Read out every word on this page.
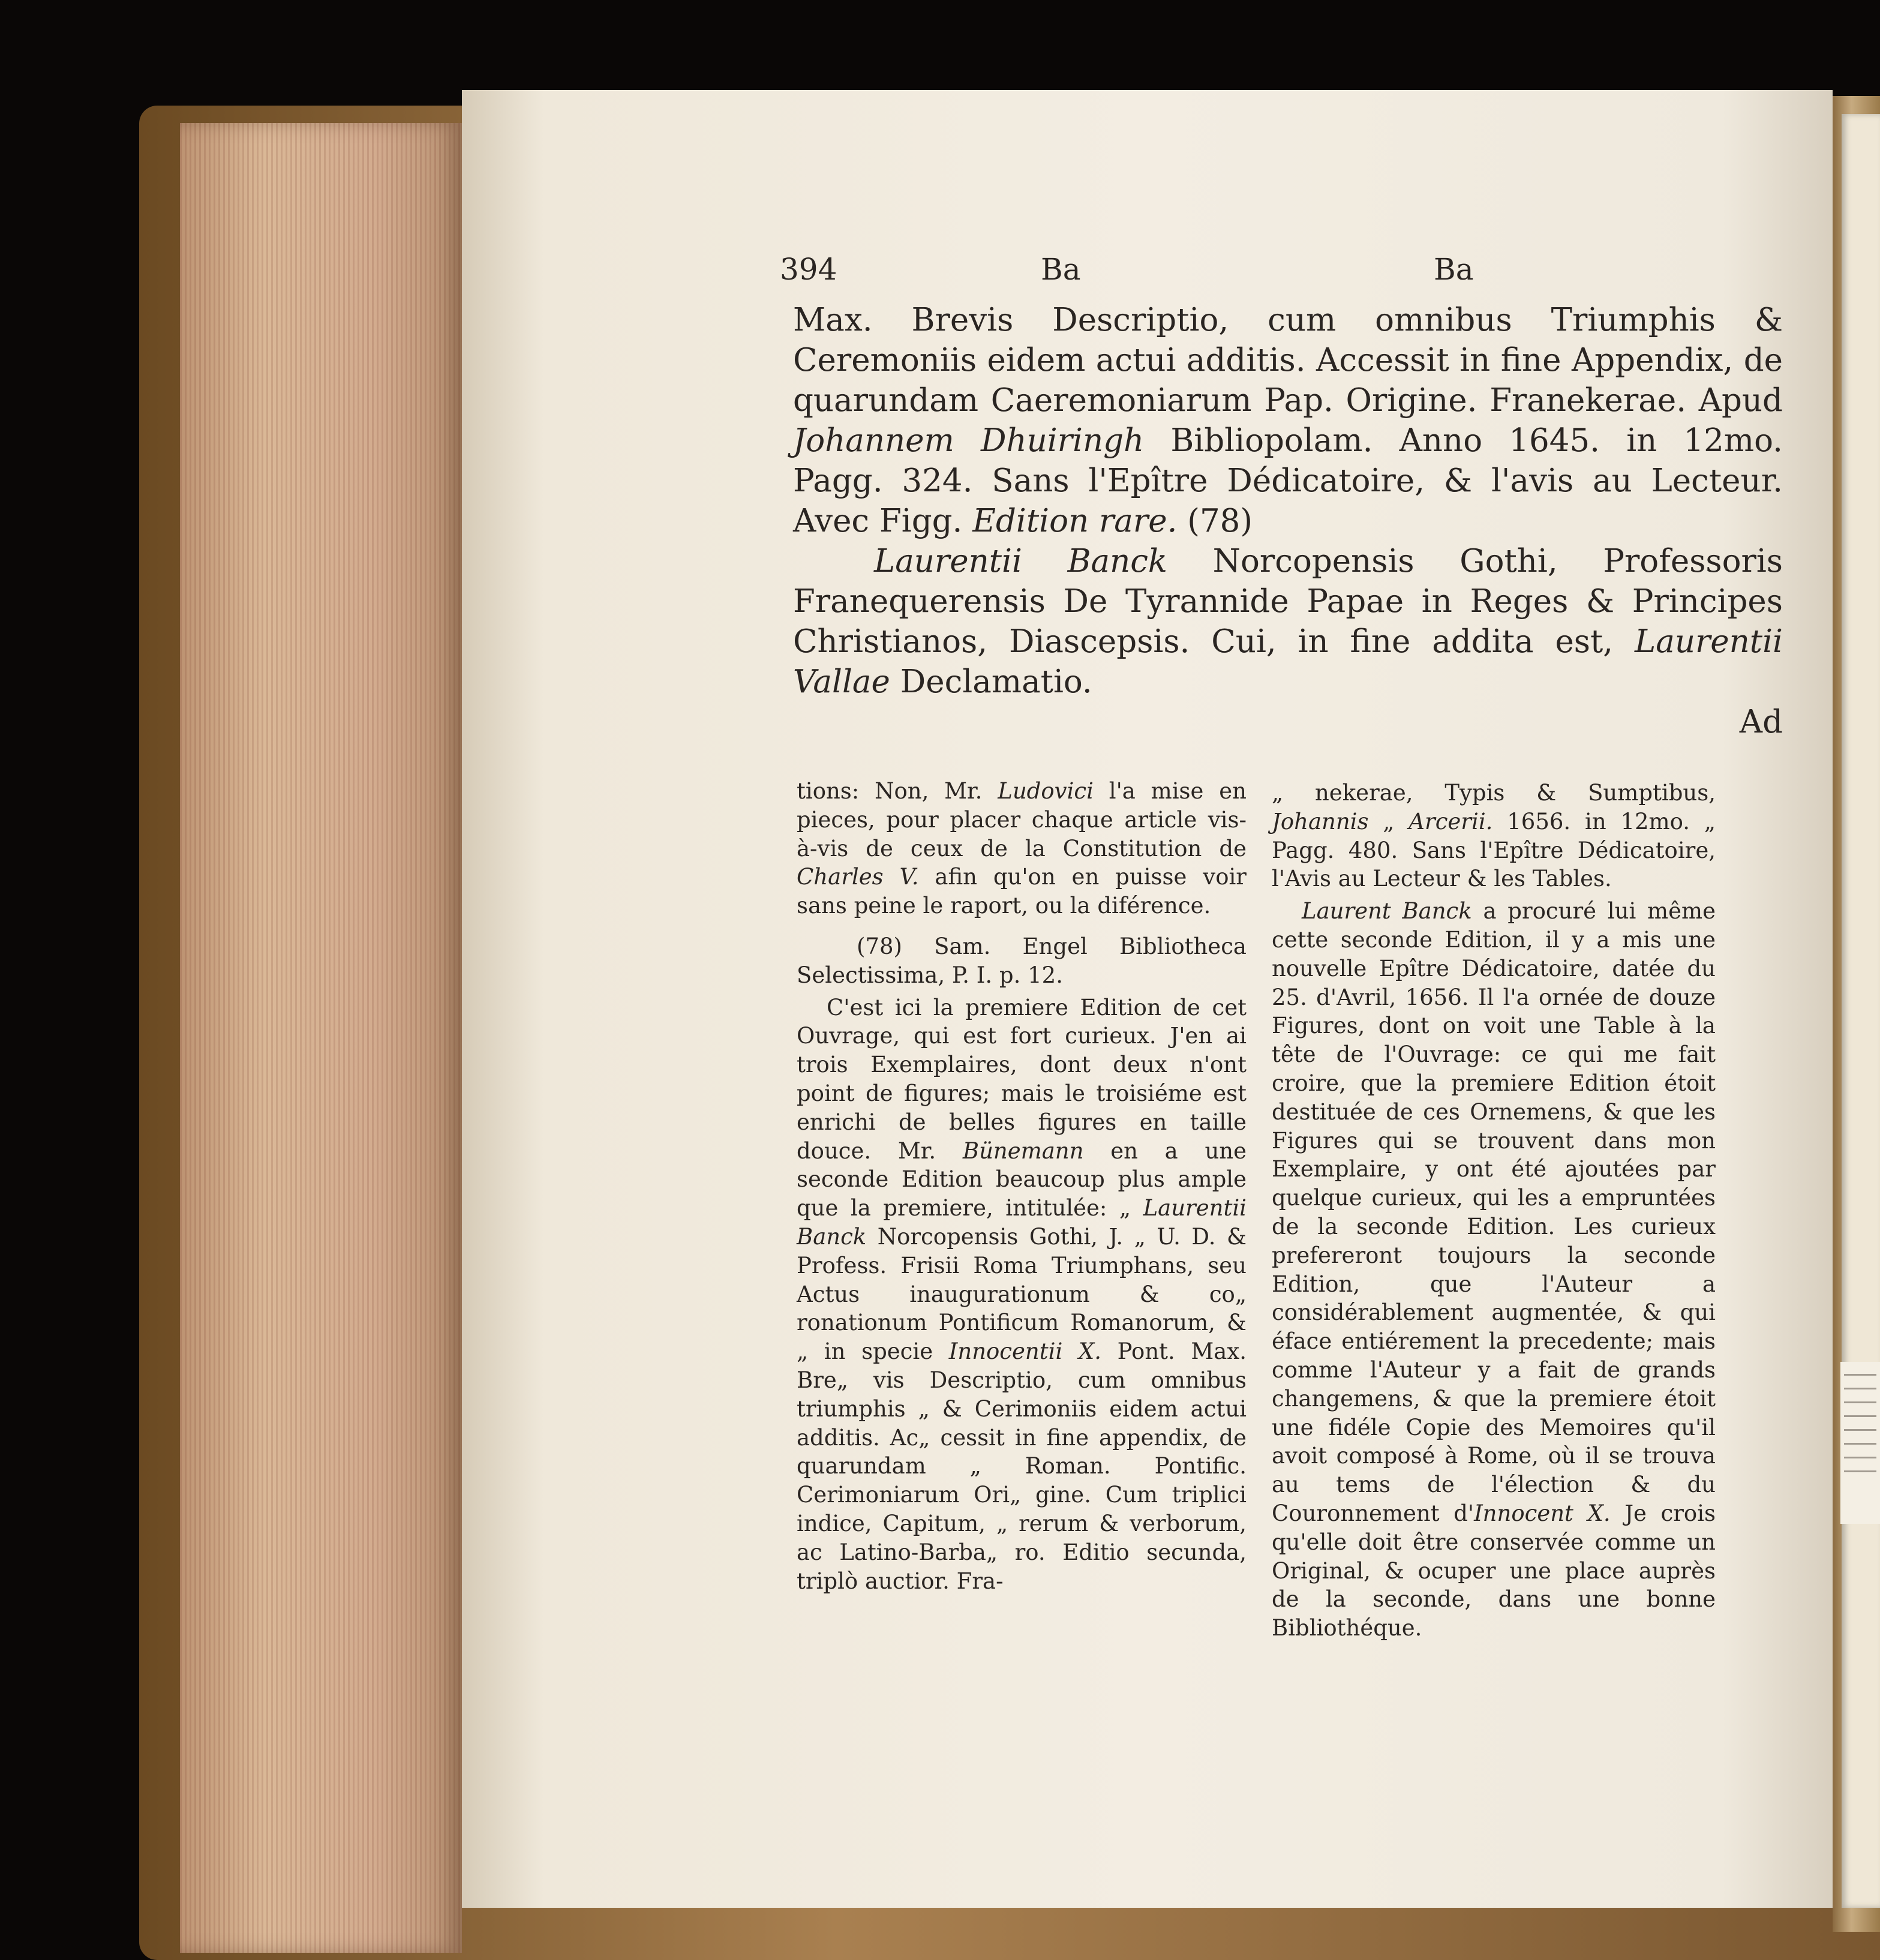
394	Ba	Ba

Max. Brevis Descriptio, cum omnibus Triumphis & Ceremoniis eidem actui additis. Accessit in fine Appendix, de quarundam Caeremoniarum Pap. Origine. Franekerae. Apud Johannem Dhuiringh Bibliopolam. Anno 1645. in 12mo. Pagg. 324. Sans l'Epître Dédicatoire, & l'avis au Lecteur. Avec Figg. Edition rare. (78)

Laurentii Banck Norcopensis Gothi, Professoris Franequerensis De Tyrannide Papae in Reges & Principes Christianos, Diascepsis. Cui, in fine addita est, Laurentii Vallae Declamatio.

Ad

tions: Non, Mr. Ludovici l'a mise en pieces, pour placer chaque article vis-à-vis de ceux de la Constitution de Charles V. afin qu'on en puisse voir sans peine le raport, ou la diférence.

(78) Sam. Engel Bibliotheca Selectissima, P. I. p. 12.

C'est ici la premiere Edition de cet Ouvrage, qui est fort curieux. J'en ai trois Exemplaires, dont deux n'ont point de figures; mais le troisiéme est enrichi de belles figures en taille douce. Mr. Bünemann en a une seconde Edition beaucoup plus ample que la premiere, intitulée: „ Laurentii Banck Norcopensis Gothi, J. „ U. D. & Profess. Frisii Roma Triumphans, seu Actus inaugurationum & co„ ronationum Pontificum Romanorum, & „ in specie Innocentii X. Pont. Max. Bre„ vis Descriptio, cum omnibus triumphis „ & Cerimoniis eidem actui additis. Ac„ cessit in fine appendix, de quarundam „ Roman. Pontific. Cerimoniarum Ori„ gine. Cum triplici indice, Capitum, „ rerum & verborum, ac Latino-Barba„ ro. Editio secunda, triplò auctior. Fra-

„ nekerae, Typis & Sumptibus, Johannis „ Arcerii. 1656. in 12mo. „ Pagg. 480. Sans l'Epître Dédicatoire, l'Avis au Lecteur & les Tables.

Laurent Banck a procuré lui même cette seconde Edition, il y a mis une nouvelle Epître Dédicatoire, datée du 25. d'Avril, 1656. Il l'a ornée de douze Figures, dont on voit une Table à la tête de l'Ouvrage: ce qui me fait croire, que la premiere Edition étoit destituée de ces Ornemens, & que les Figures qui se trouvent dans mon Exemplaire, y ont été ajoutées par quelque curieux, qui les a empruntées de la seconde Edition. Les curieux prefereront toujours la seconde Edition, que l'Auteur a considérablement augmentée, & qui éface entiérement la precedente; mais comme l'Auteur y a fait de grands changemens, & que la premiere étoit une fidéle Copie des Memoires qu'il avoit composé à Rome, où il se trouva au tems de l'élection & du Couronnement d'Innocent X. Je crois qu'elle doit être conservée comme un Original, & ocuper une place auprès de la seconde, dans une bonne Bibliothéque.
